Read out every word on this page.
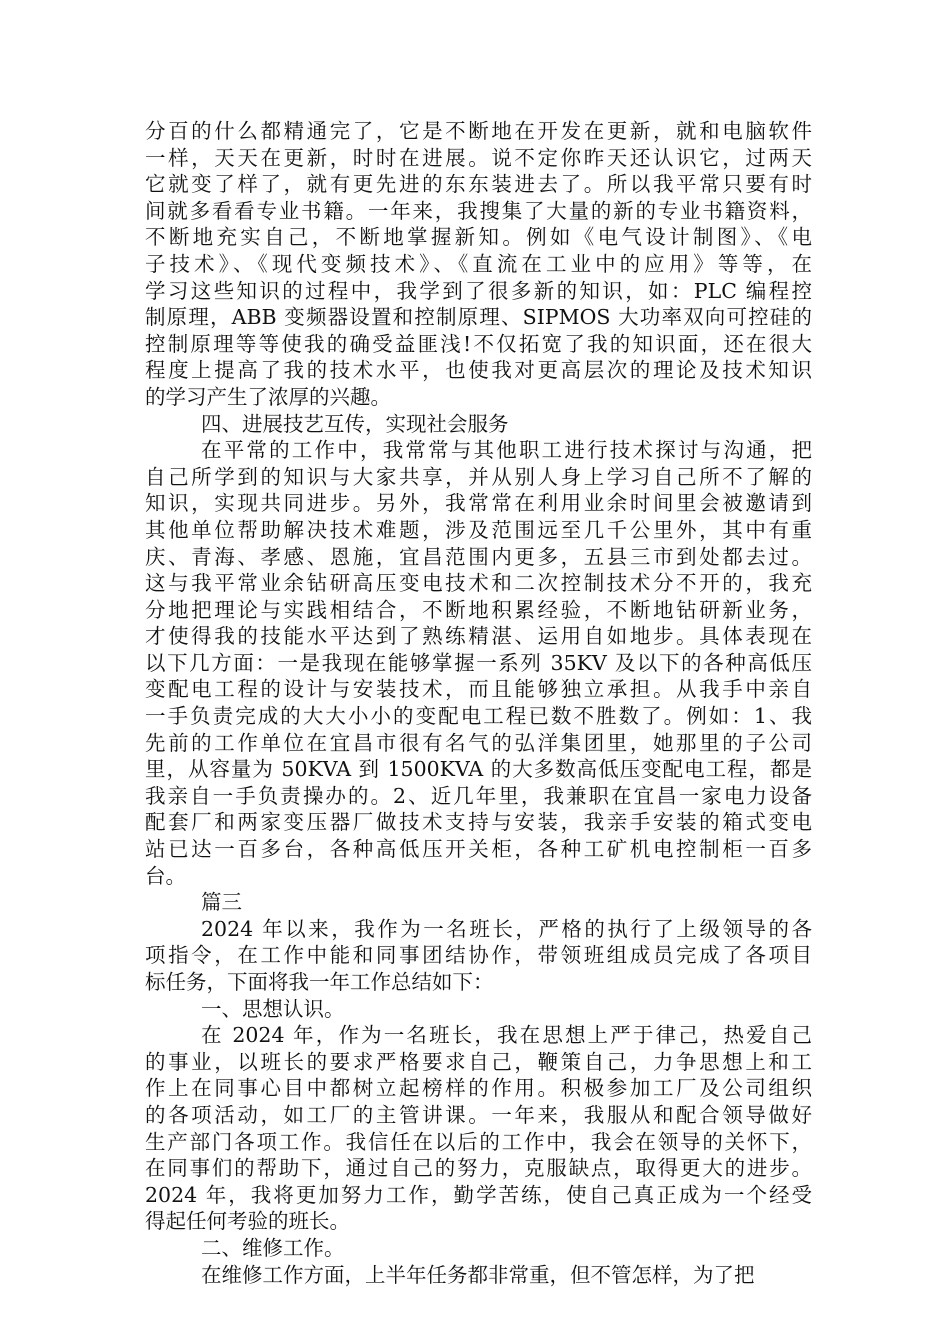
分百的什么都精通完了，它是不断地在开发在更新，就和电脑软件
一样，天天在更新，时时在进展。说不定你昨天还认识它，过两天
它就变了样了，就有更先进的东东装进去了。所以我平常只要有时
间就多看看专业书籍。一年来，我搜集了大量的新的专业书籍资料，
不断地充实自己，不断地掌握新知。例如《电气设计制图》、《电
子技术》、《现代变频技术》、《直流在工业中的应用》等等，在
学习这些知识的过程中，我学到了很多新的知识，如：PLC 编程控
制原理，ABB 变频器设置和控制原理、SIPMOS 大功率双向可控硅的
控制原理等等使我的确受益匪浅!不仅拓宽了我的知识面，还在很大
程度上提高了我的技术水平，也使我对更高层次的理论及技术知识
的学习产生了浓厚的兴趣。
四、进展技艺互传，实现社会服务
在平常的工作中，我常常与其他职工进行技术探讨与沟通，把
自己所学到的知识与大家共享，并从别人身上学习自己所不了解的
知识，实现共同进步。另外，我常常在利用业余时间里会被邀请到
其他单位帮助解决技术难题，涉及范围远至几千公里外，其中有重
庆、青海、孝感、恩施，宜昌范围内更多，五县三市到处都去过。
这与我平常业余钻研高压变电技术和二次控制技术分不开的，我充
分地把理论与实践相结合，不断地积累经验，不断地钻研新业务，
才使得我的技能水平达到了熟练精湛、运用自如地步。具体表现在
以下几方面：一是我现在能够掌握一系列 35KV 及以下的各种高低压
变配电工程的设计与安装技术，而且能够独立承担。从我手中亲自
一手负责完成的大大小小的变配电工程已数不胜数了。例如：1、我
先前的工作单位在宜昌市很有名气的弘洋集团里，她那里的子公司
里，从容量为 50KVA 到 1500KVA 的大多数高低压变配电工程，都是
我亲自一手负责操办的。2、近几年里，我兼职在宜昌一家电力设备
配套厂和两家变压器厂做技术支持与安装，我亲手安装的箱式变电
站已达一百多台，各种高低压开关柜，各种工矿机电控制柜一百多
台。
篇三
2024 年以来，我作为一名班长，严格的执行了上级领导的各
项指令，在工作中能和同事团结协作，带领班组成员完成了各项目
标任务，下面将我一年工作总结如下：
一、思想认识。
在 2024 年，作为一名班长，我在思想上严于律己，热爱自己
的事业，以班长的要求严格要求自己，鞭策自己，力争思想上和工
作上在同事心目中都树立起榜样的作用。积极参加工厂及公司组织
的各项活动，如工厂的主管讲课。一年来，我服从和配合领导做好
生产部门各项工作。我信任在以后的工作中，我会在领导的关怀下，
在同事们的帮助下，通过自己的努力，克服缺点，取得更大的进步。
2024 年，我将更加努力工作，勤学苦练，使自己真正成为一个经受
得起任何考验的班长。
二、维修工作。
在维修工作方面，上半年任务都非常重，但不管怎样，为了把
